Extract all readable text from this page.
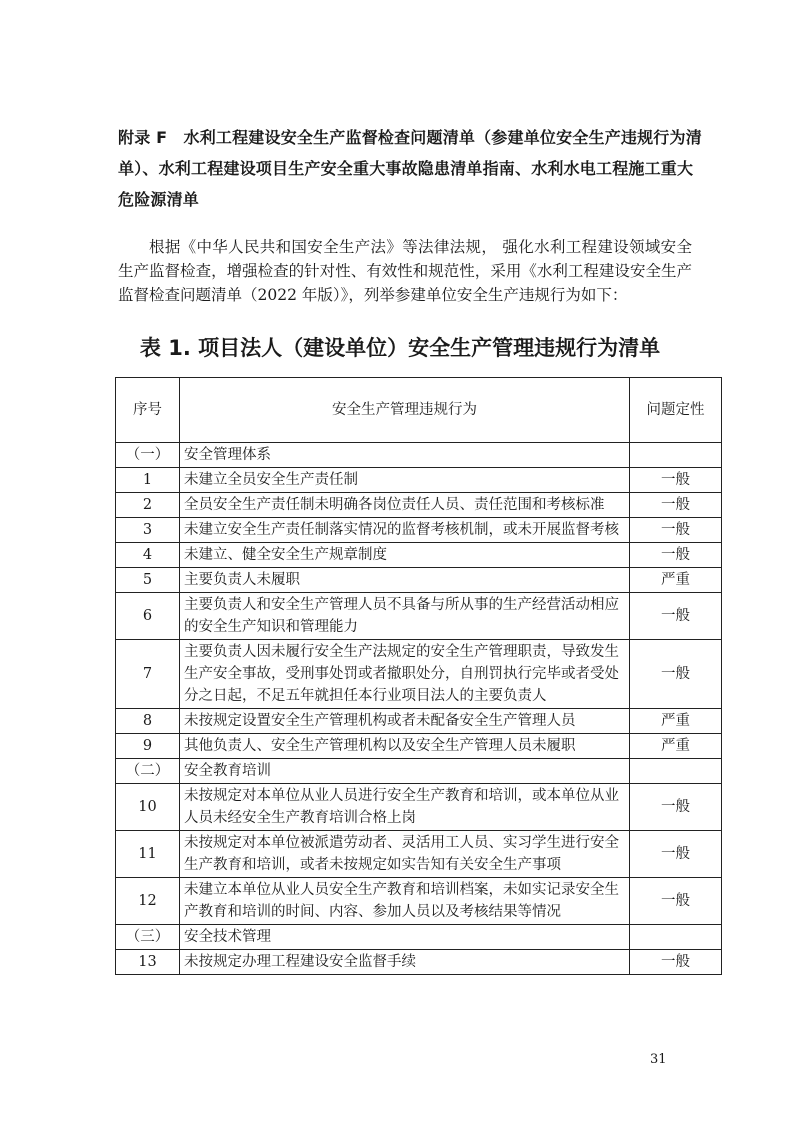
附录 F　水利工程建设安全生产监督检查问题清单（参建单位安全生产违规行为清单）、水利工程建设项目生产安全重大事故隐患清单指南、水利水电工程施工重大危险源清单
根据《中华人民共和国安全生产法》等法律法规， 强化水利工程建设领域安全生产监督检查，增强检查的针对性、有效性和规范性，采用《水利工程建设安全生产监督检查问题清单（2022 年版）》，列举参建单位安全生产违规行为如下：
表 1. 项目法人（建设单位）安全生产管理违规行为清单
序号	安全生产管理违规行为	问题定性
（一）	安全管理体系	
1	未建立全员安全生产责任制	一般
2	全员安全生产责任制未明确各岗位责任人员、责任范围和考核标准	一般
3	未建立安全生产责任制落实情况的监督考核机制，或未开展监督考核	一般
4	未建立、健全安全生产规章制度	一般
5	主要负责人未履职	严重
6	主要负责人和安全生产管理人员不具备与所从事的生产经营活动相应的安全生产知识和管理能力	一般
7	主要负责人因未履行安全生产法规定的安全生产管理职责，导致发生生产安全事故，受刑事处罚或者撤职处分，自刑罚执行完毕或者受处分之日起，不足五年就担任本行业项目法人的主要负责人	一般
8	未按规定设置安全生产管理机构或者未配备安全生产管理人员	严重
9	其他负责人、安全生产管理机构以及安全生产管理人员未履职	严重
（二）	安全教育培训	
10	未按规定对本单位从业人员进行安全生产教育和培训，或本单位从业人员未经安全生产教育培训合格上岗	一般
11	未按规定对本单位被派遣劳动者、灵活用工人员、实习学生进行安全生产教育和培训，或者未按规定如实告知有关安全生产事项	一般
12	未建立本单位从业人员安全生产教育和培训档案，未如实记录安全生产教育和培训的时间、内容、参加人员以及考核结果等情况	一般
（三）	安全技术管理	
13	未按规定办理工程建设安全监督手续	一般
31
